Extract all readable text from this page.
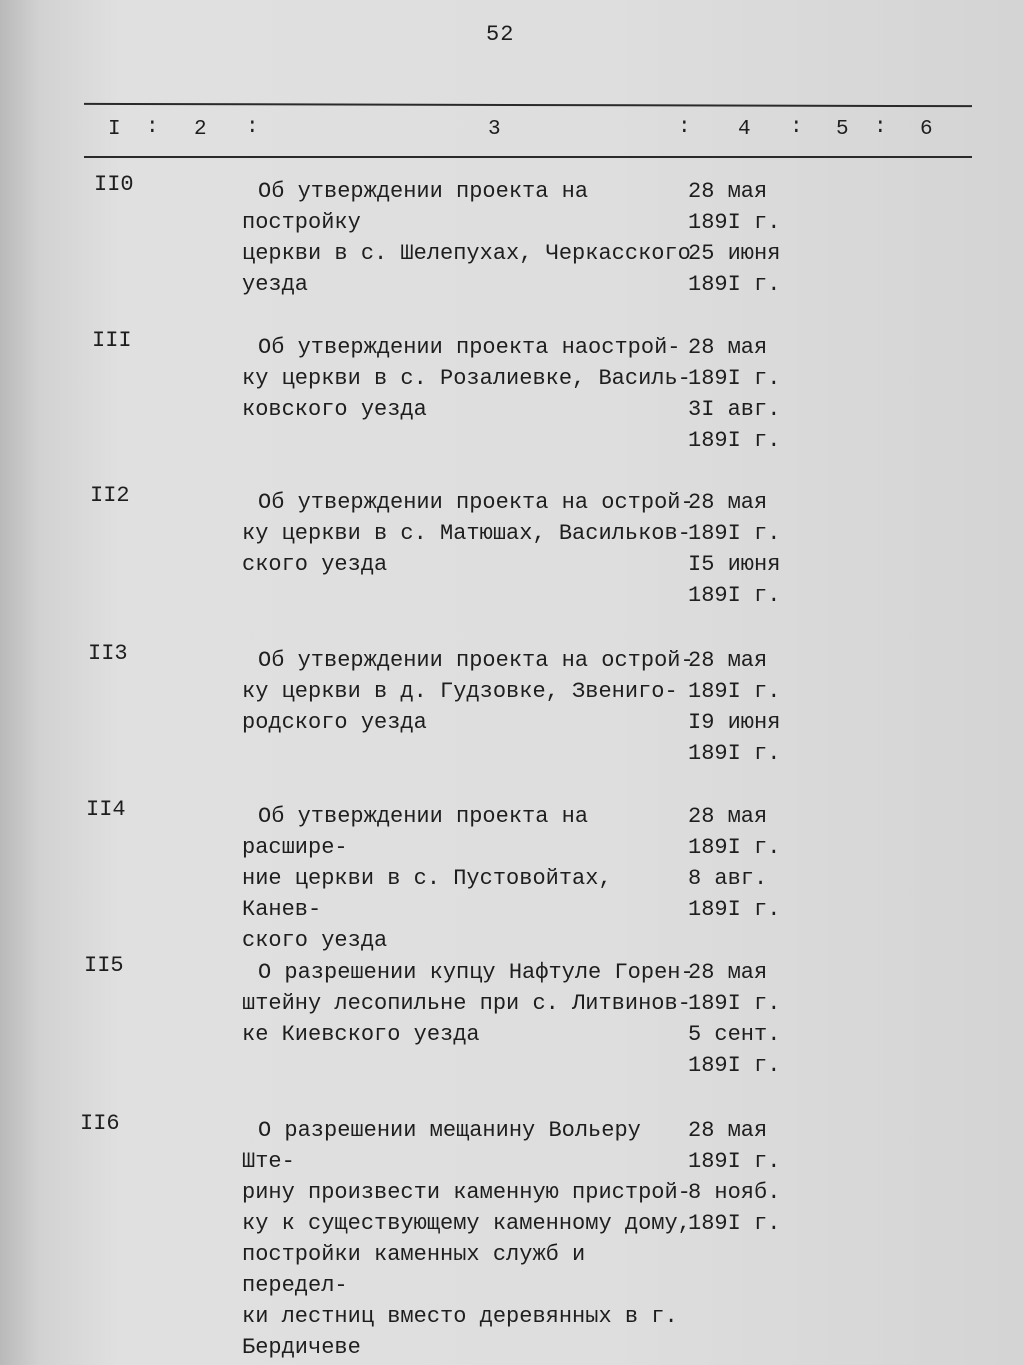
52
I : 2 :	3	: 4 : 5 : 6
II0	Об утверждении проекта на постройку
церкви в с. Шелепухах, Черкасского
уезда
28 мая
189I г.
25 июня
189I г.
III	Об утверждении проекта наострой-
ку церкви в с. Розалиевке, Василь-
ковского уезда
28 мая
189I г.
3I авг.
189I г.
II2	Об утверждении проекта на острой-
ку церкви в с. Матюшах, Васильков-
ского уезда
28 мая
189I г.
I5 июня
189I г.
II3	Об утверждении проекта на острой-
ку церкви в д. Гудзовке, Звениго-
родского уезда
28 мая
189I г.
I9 июня
189I г.
II4	Об утверждении проекта на расшире-
ние церкви в с. Пустовойтах, Канев-
ского уезда
28 мая
189I г.
8 авг.
189I г.
II5	О разрешении купцу Нафтуле Горен-
штейну лесопильне при с. Литвинов-
ке Киевского уезда
28 мая
189I г.
5 сент.
189I г.
II6	О разрешении мещанину Вольеру Ште-
рину произвести каменную пристрой-
ку к существующему каменному дому,
постройки каменных служб и передел-
ки лестниц вместо деревянных в г.
Бердичеве
28 мая
189I г.
8 нояб.
189I г.
